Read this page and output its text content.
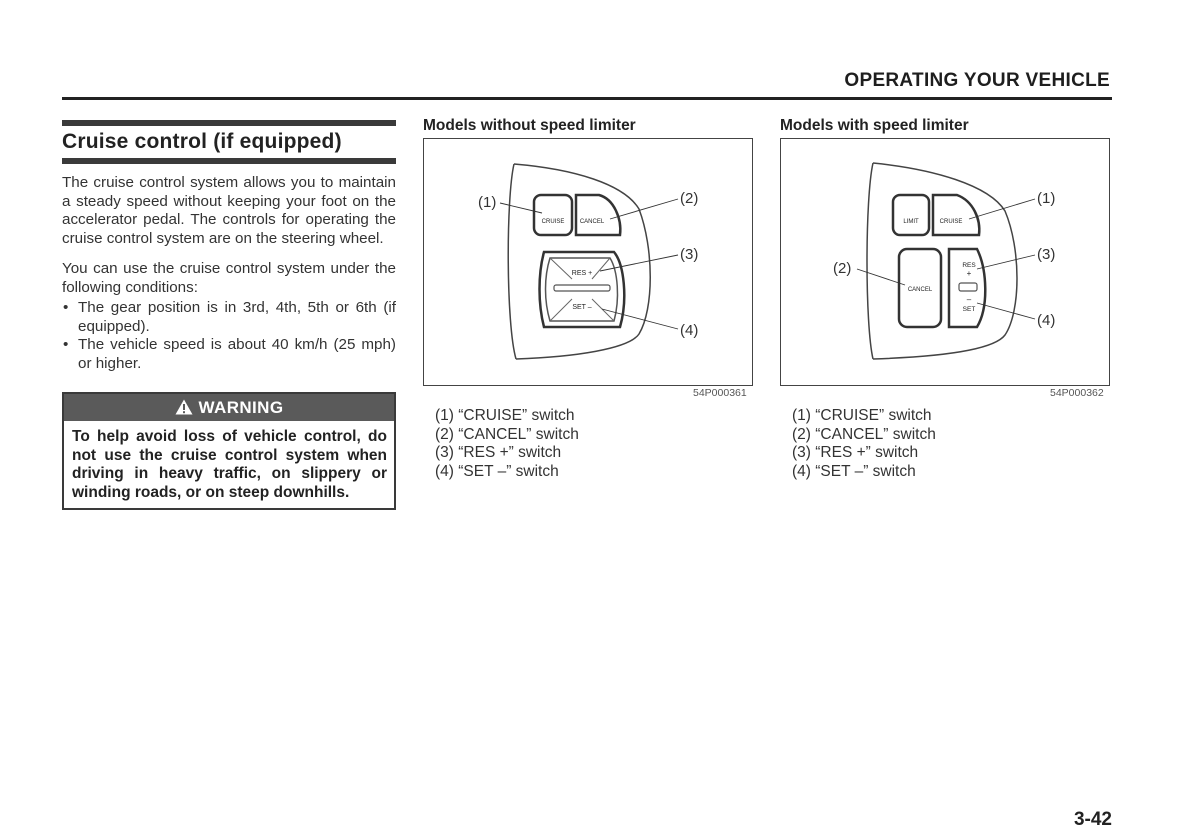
OPERATING YOUR VEHICLE
Cruise control (if equipped)

The cruise control system allows you to maintain a steady speed without keeping your foot on the accelerator pedal. The controls for operating the cruise control system are on the steering wheel.

You can use the cruise control system under the following conditions:

• The gear position is in 3rd, 4th, 5th or 6th (if equipped).
• The vehicle speed is about 40 km/h (25 mph) or higher.
WARNING
To help avoid loss of vehicle control, do not use the cruise control system when driving in heavy traffic, on slippery or winding roads, or on steep downhills.
Models without speed limiter
CRUISE	CANCEL
RES +
SET –
(1)	(2)
(3)
(4)
54P000361
(1) “CRUISE” switch
(2) “CANCEL” switch
(3) “RES +” switch
(4) “SET –” switch
Models with speed limiter
LIMIT	CRUISE
CANCEL
RES
+
–
SET
(1)
(2)
(3)
(4)
54P000362
(1) “CRUISE” switch
(2) “CANCEL” switch
(3) “RES +” switch
(4) “SET –” switch
3-42
